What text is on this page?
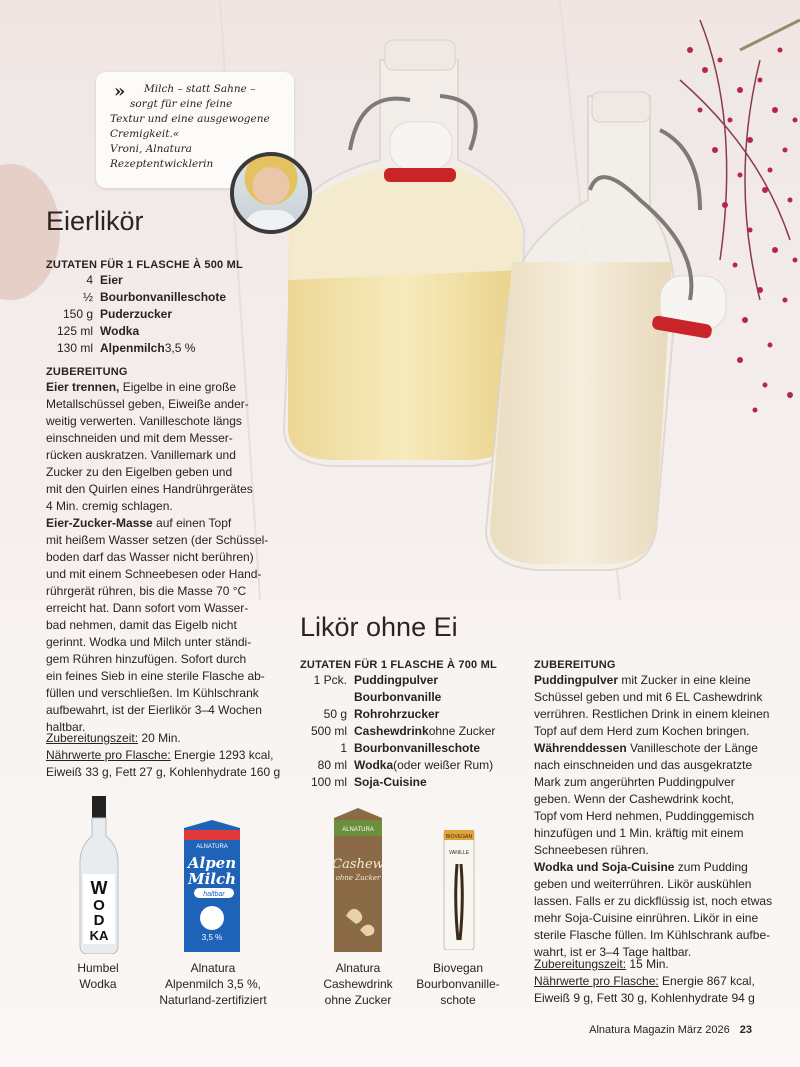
»	Milch – statt Sahne –
sorgt für eine feine
Textur und eine ausgewogene
Cremigkeit.«
Vroni, Alnatura
Rezeptentwicklerin
Eierlikör
ZUTATEN FÜR 1 FLASCHE À 500 ML
4 Eier
½ Bourbonvanilleschote
150 g Puderzucker
125 ml Wodka
130 ml Alpenmilch 3,5 %
ZUBEREITUNG
Eier trennen, Eigelbe in eine große
Metallschüssel geben, Eiweiße ander-
weitig verwerten. Vanilleschote längs
einschneiden und mit dem Messer-
rücken auskratzen. Vanillemark und
Zucker zu den Eigelben geben und
mit den Quirlen eines Handrührgerätes
4 Min. cremig schlagen.
Eier-Zucker-Masse auf einen Topf
mit heißem Wasser setzen (der Schüssel-
boden darf das Wasser nicht berühren)
und mit einem Schneebesen oder Hand-
rührgerät rühren, bis die Masse 70 °C
erreicht hat. Dann sofort vom Wasser-
bad nehmen, damit das Eigelb nicht
gerinnt. Wodka und Milch unter ständi-
gem Rühren hinzufügen. Sofort durch
ein feines Sieb in eine sterile Flasche ab-
füllen und verschließen. Im Kühlschrank
aufbewahrt, ist der Eierlikör 3–4 Wochen
haltbar.
Zubereitungszeit: 20 Min.
Nährwerte pro Flasche: Energie 1293 kcal,
Eiweiß 33 g, Fett 27 g, Kohlenhydrate 160 g
Likör ohne Ei
ZUTATEN FÜR 1 FLASCHE À 700 ML
1 Pck. Puddingpulver
Bourbonvanille
50 g Rohrohrzucker
500 ml Cashewdrink ohne Zucker
1 Bourbonvanilleschote
80 ml Wodka (oder weißer Rum)
100 ml Soja-Cuisine
ZUBEREITUNG
Puddingpulver mit Zucker in eine kleine
Schüssel geben und mit 6 EL Cashewdrink
verrühren. Restlichen Drink in einem kleinen
Topf auf dem Herd zum Kochen bringen.
Währenddessen Vanilleschote der Länge
nach einschneiden und das ausgekratzte
Mark zum angerührten Puddingpulver
geben. Wenn der Cashewdrink kocht,
Topf vom Herd nehmen, Puddinggemisch
hinzufügen und 1 Min. kräftig mit einem
Schneebesen rühren.
Wodka und Soja-Cuisine zum Pudding
geben und weiterrühren. Likör auskühlen
lassen. Falls er zu dickflüssig ist, noch etwas
mehr Soja-Cuisine einrühren. Likör in eine
sterile Flasche füllen. Im Kühlschrank aufbe-
wahrt, ist er 3–4 Tage haltbar.
Zubereitungszeit: 15 Min.
Nährwerte pro Flasche: Energie 867 kcal,
Eiweiß 9 g, Fett 30 g, Kohlenhydrate 94 g
W
O
D
KA
ALNATURA
Alpen
Milch
haltbar
3,5 %
ALNATURA
Cashew
ohne Zucker
BIOVEGAN
VANILLE
Humbel
Wodka
Alnatura
Alpenmilch 3,5 %,
Naturland-zertifiziert
Alnatura
Cashewdrink
ohne Zucker
Biovegan
Bourbonvanille-
schote
Alnatura Magazin März 2026 23
